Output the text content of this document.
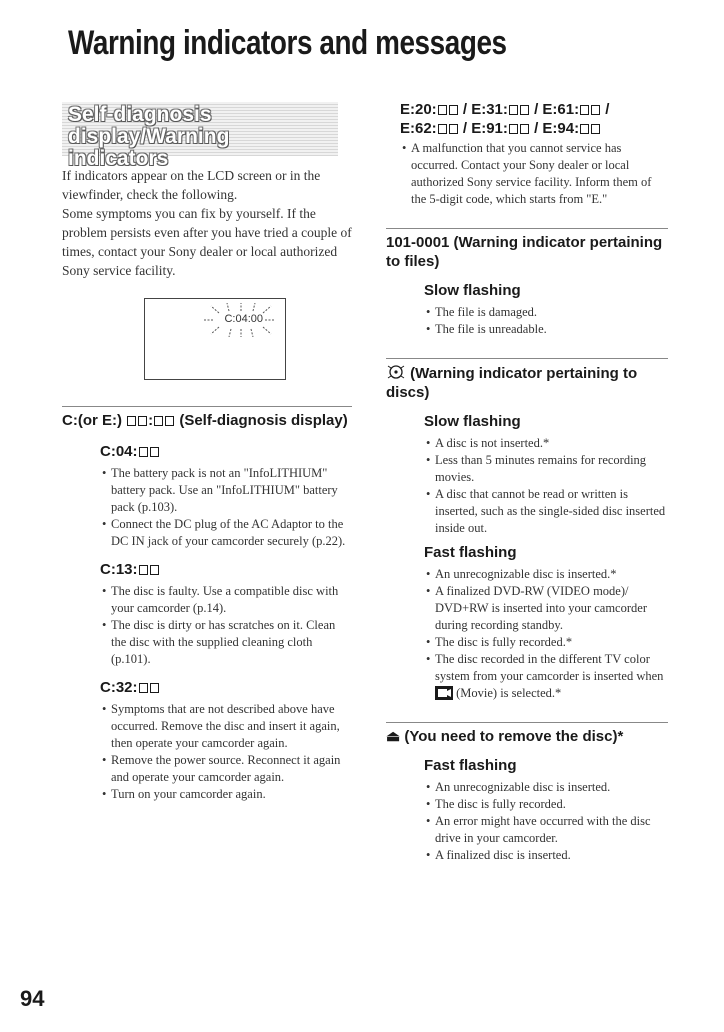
Warning indicators and messages
Self-diagnosis display/Warning
indicators

If indicators appear on the LCD screen or in the viewfinder, check the following.

Some symptoms you can fix by yourself. If the problem persists even after you have tried a couple of times, contact your Sony dealer or local authorized Sony service facility.

C:04:00
C:(or E:) : (Self-diagnosis display)
C:04:
• The battery pack is not an "InfoLITHIUM" battery pack. Use an "InfoLITHIUM" battery pack (p.103).
• Connect the DC plug of the AC Adaptor to the DC IN jack of your camcorder securely (p.22).
C:13:
• The disc is faulty. Use a compatible disc with your camcorder (p.14).
• The disc is dirty or has scratches on it. Clean the disc with the supplied cleaning cloth (p.101).
C:32:
• Symptoms that are not described above have occurred. Remove the disc and insert it again, then operate your camcorder again.
• Remove the power source. Reconnect it again and operate your camcorder again.
• Turn on your camcorder again.
E:20: / E:31: / E:61: /
E:62: / E:91: / E:94:
• A malfunction that you cannot service has occurred. Contact your Sony dealer or local authorized Sony service facility. Inform them of the 5-digit code, which starts from "E."
101-0001 (Warning indicator pertaining to files)
Slow flashing
• The file is damaged.
• The file is unreadable.
(Warning indicator pertaining to discs)
Slow flashing
• A disc is not inserted.*
• Less than 5 minutes remains for recording movies.
• A disc that cannot be read or written is inserted, such as the single-sided disc inserted inside out.
Fast flashing
• An unrecognizable disc is inserted.*
• A finalized DVD-RW (VIDEO mode)/ DVD+RW is inserted into your camcorder during recording standby.
• The disc is fully recorded.*
• The disc recorded in the different TV color system from your camcorder is inserted when  (Movie) is selected.*
⏏ (You need to remove the disc)*
Fast flashing
• An unrecognizable disc is inserted.
• The disc is fully recorded.
• An error might have occurred with the disc drive in your camcorder.
• A finalized disc is inserted.
94
